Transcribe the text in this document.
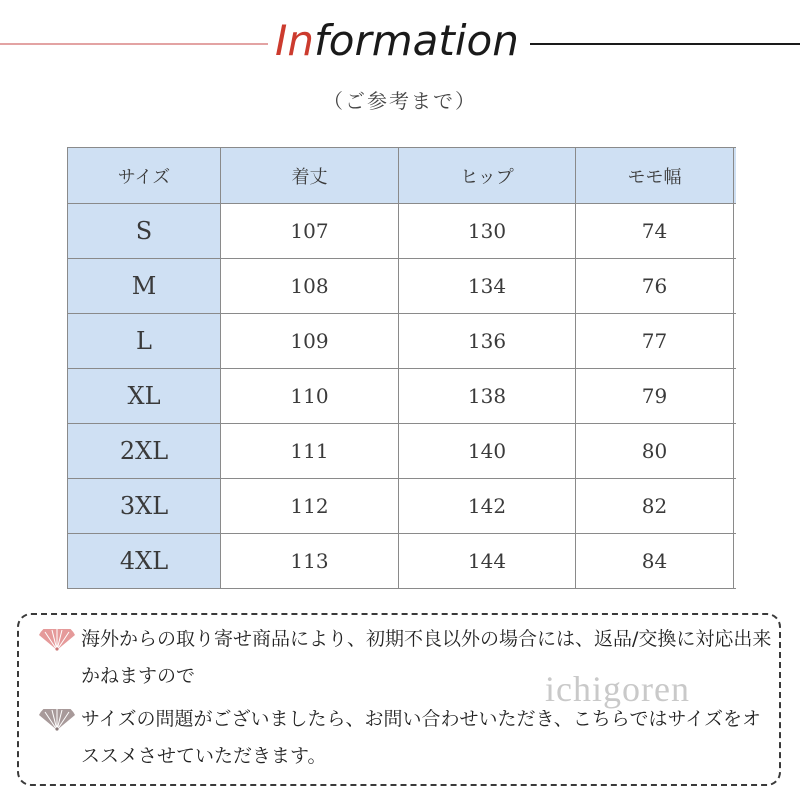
Information
（ご参考まで）
サイズ	着丈	ヒップ	モモ幅	
S	107	130	74	
M	108	134	76	
L	109	136	77	
XL	110	138	79	
2XL	111	140	80	
3XL	112	142	82	
4XL	113	144	84	
海外からの取り寄せ商品により、初期不良以外の場合には、返品/交換に対応出来かねますので
サイズの問題がございましたら、お問い合わせいただき、こちらではサイズをオススメさせていただきます。
ichigoren
